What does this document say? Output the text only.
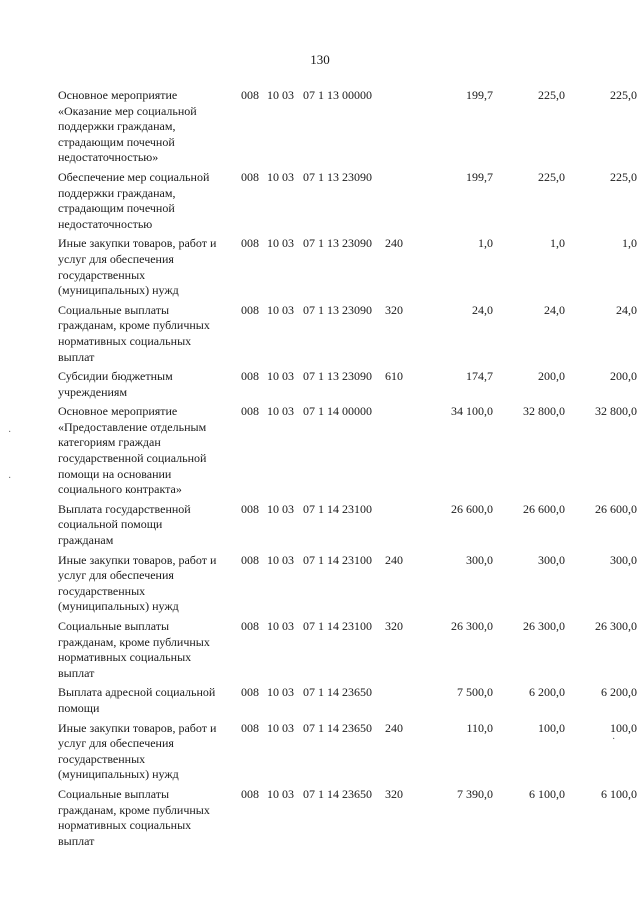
130
Основное мероприятие
«Оказание мер социальной
поддержки гражданам,
страдающим почечной
недостаточностью»
008 10 03 07 1 13 00000	199,7	225,0	225,0
Обеспечение мер социальной
поддержки гражданам,
страдающим почечной
недостаточностью
008 10 03 07 1 13 23090	199,7	225,0	225,0
Иные закупки товаров, работ и
услуг для обеспечения
государственных
(муниципальных) нужд
008 10 03 07 1 13 23090 240	1,0	1,0	1,0
Социальные выплаты
гражданам, кроме публичных
нормативных социальных
выплат
008 10 03 07 1 13 23090 320	24,0	24,0	24,0
Субсидии бюджетным
учреждениям
008 10 03 07 1 13 23090 610	174,7	200,0	200,0
Основное мероприятие
«Предоставление отдельным
категориям граждан
государственной социальной
помощи на основании
социального контракта»
008 10 03 07 1 14 00000	34 100,0	32 800,0	32 800,0
Выплата государственной
социальной помощи
гражданам
008 10 03 07 1 14 23100	26 600,0	26 600,0	26 600,0
Иные закупки товаров, работ и
услуг для обеспечения
государственных
(муниципальных) нужд
008 10 03 07 1 14 23100 240	300,0	300,0	300,0
Социальные выплаты
гражданам, кроме публичных
нормативных социальных
выплат
008 10 03 07 1 14 23100 320	26 300,0	26 300,0	26 300,0
Выплата адресной социальной
помощи
008 10 03 07 1 14 23650	7 500,0	6 200,0	6 200,0
Иные закупки товаров, работ и
услуг для обеспечения
государственных
(муниципальных) нужд
008 10 03 07 1 14 23650 240	110,0	100,0	100,0
Социальные выплаты
гражданам, кроме публичных
нормативных социальных
выплат
008 10 03 07 1 14 23650 320	7 390,0	6 100,0	6 100,0
·
·
·
